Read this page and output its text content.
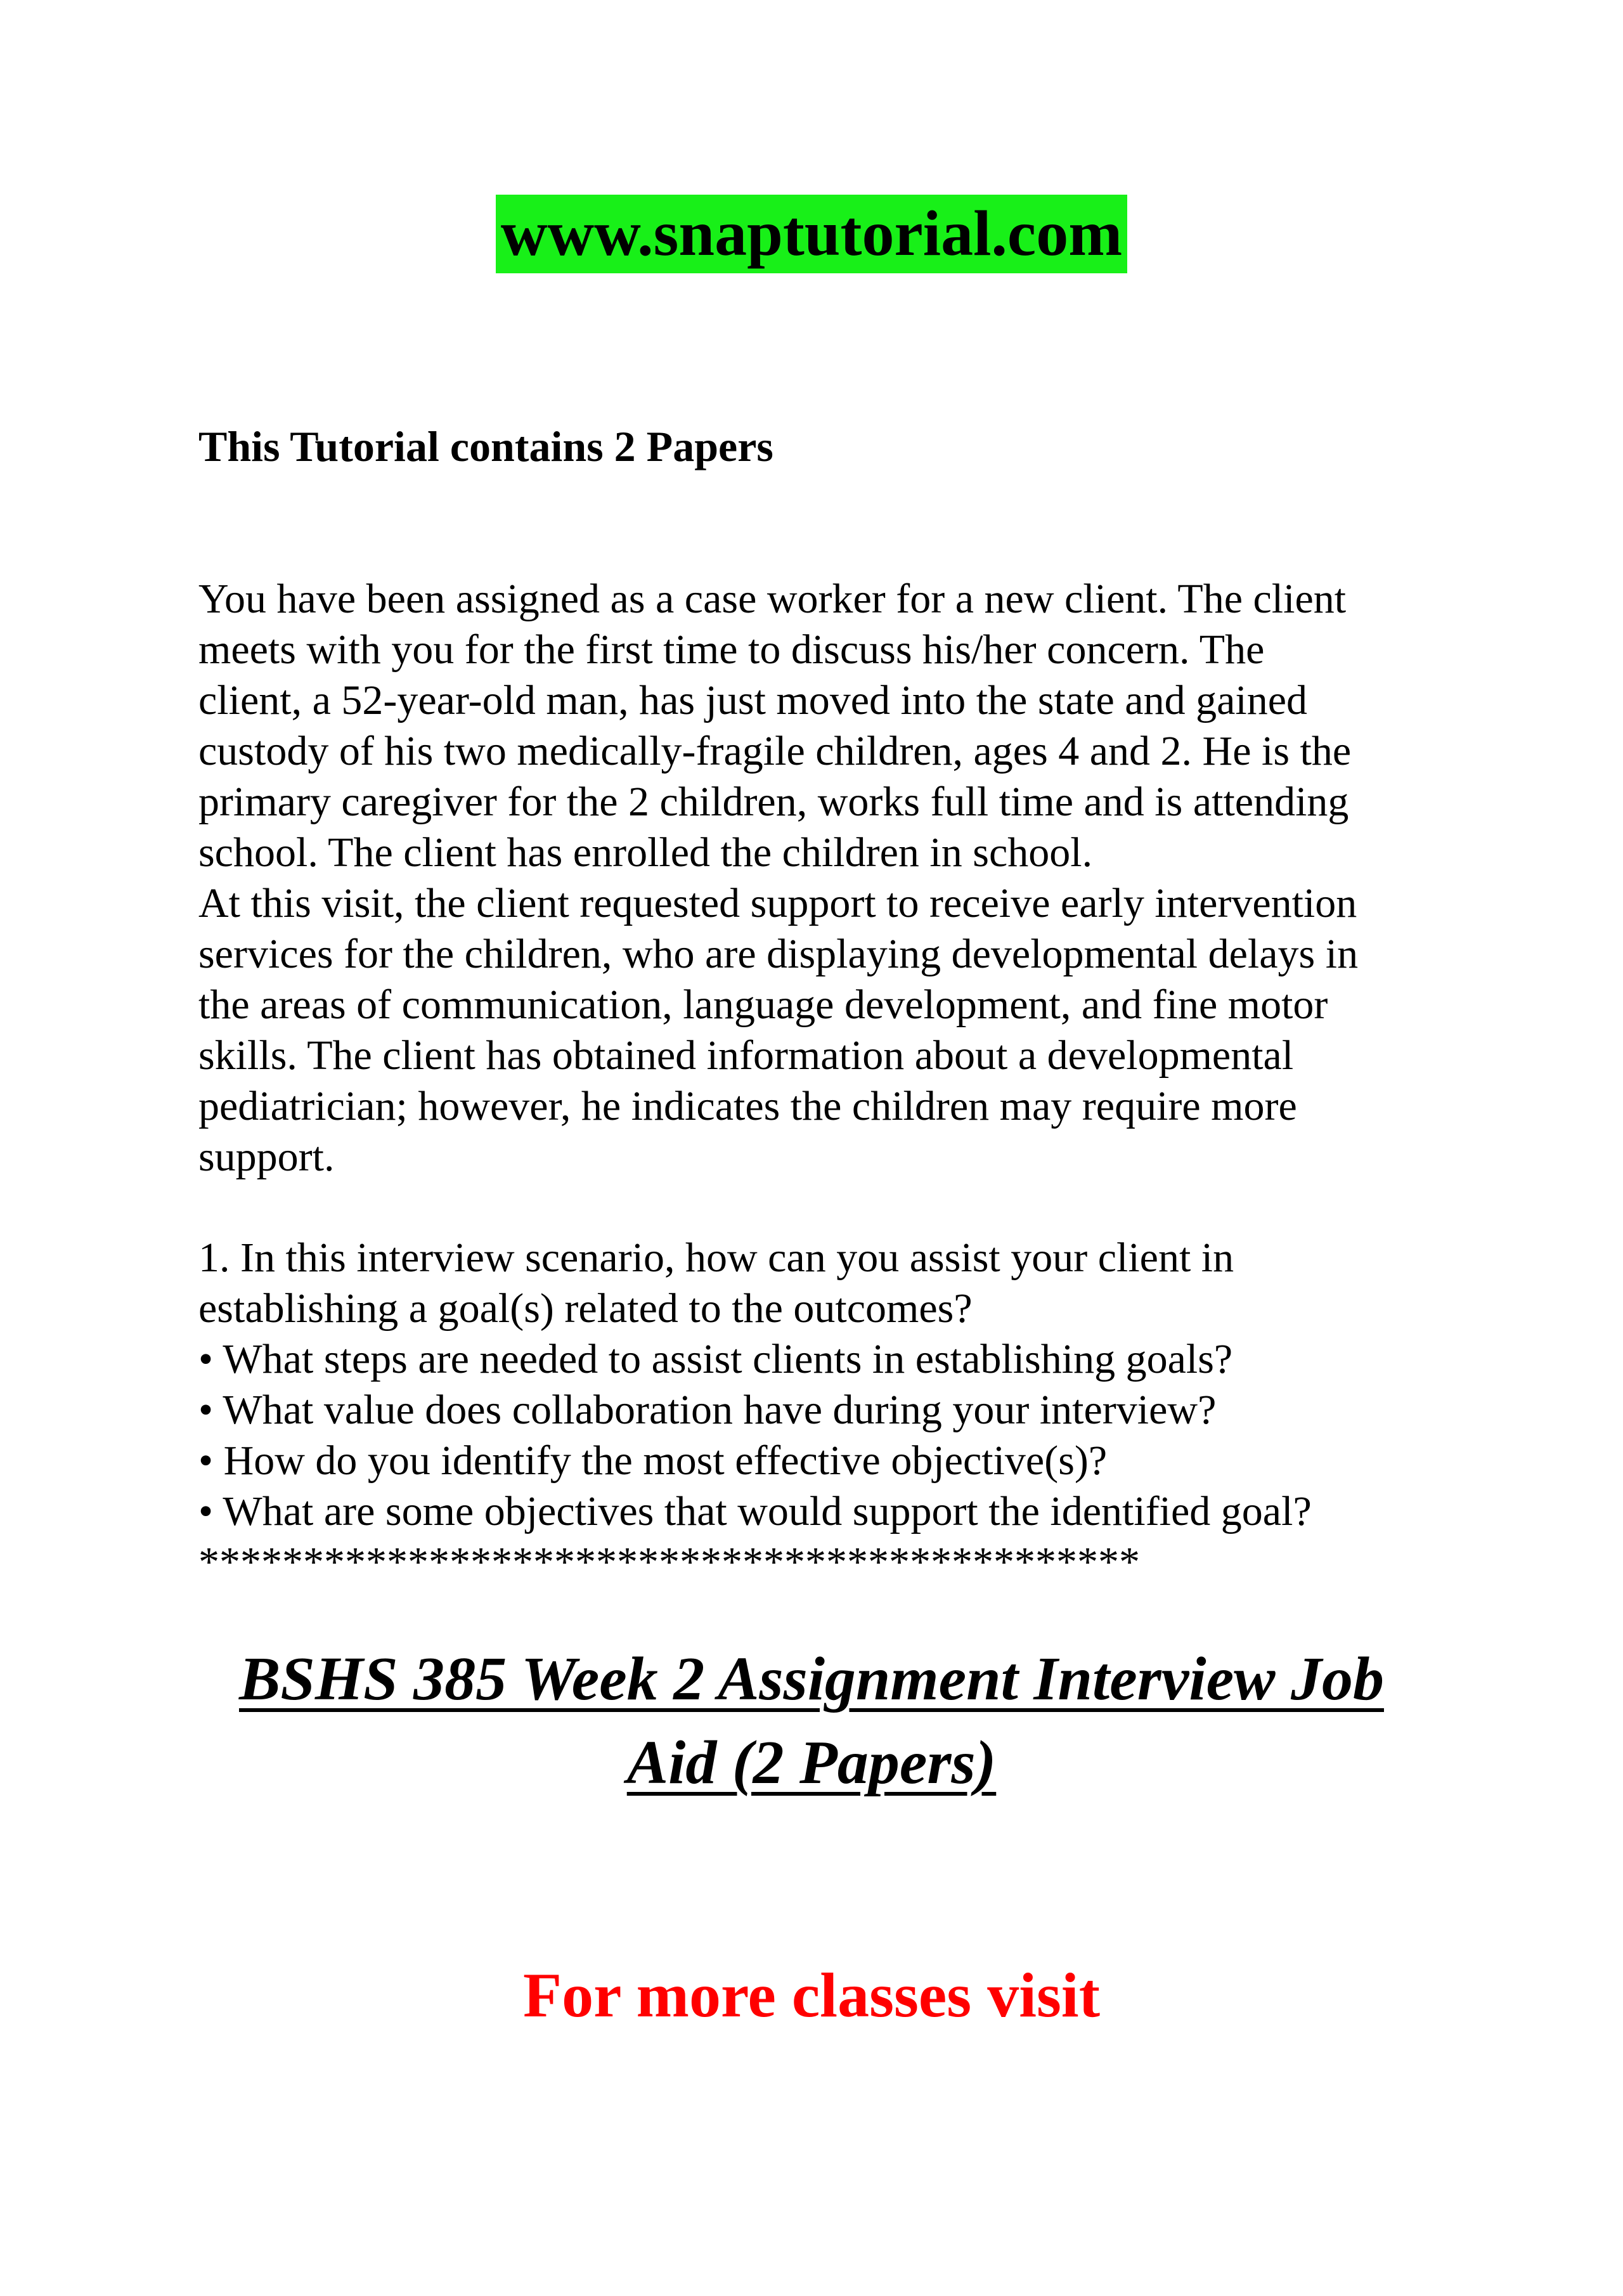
www.snaptutorial.com
This Tutorial contains 2 Papers
You have been assigned as a case worker for a new client. The client
meets with you for the first time to discuss his/her concern. The
client, a 52-year-old man, has just moved into the state and gained
custody of his two medically-fragile children, ages 4 and 2. He is the
primary caregiver for the 2 children, works full time and is attending
school. The client has enrolled the children in school.
At this visit, the client requested support to receive early intervention
services for the children, who are displaying developmental delays in
the areas of communication, language development, and fine motor
skills. The client has obtained information about a developmental
pediatrician; however, he indicates the children may require more
support.
1. In this interview scenario, how can you assist your client in
establishing a goal(s) related to the outcomes?
• What steps are needed to assist clients in establishing goals?
• What value does collaboration have during your interview?
• How do you identify the most effective objective(s)?
• What are some objectives that would support the identified goal?
*********************************************
BSHS 385 Week 2 Assignment Interview Job
Aid (2 Papers)
For more classes visit
